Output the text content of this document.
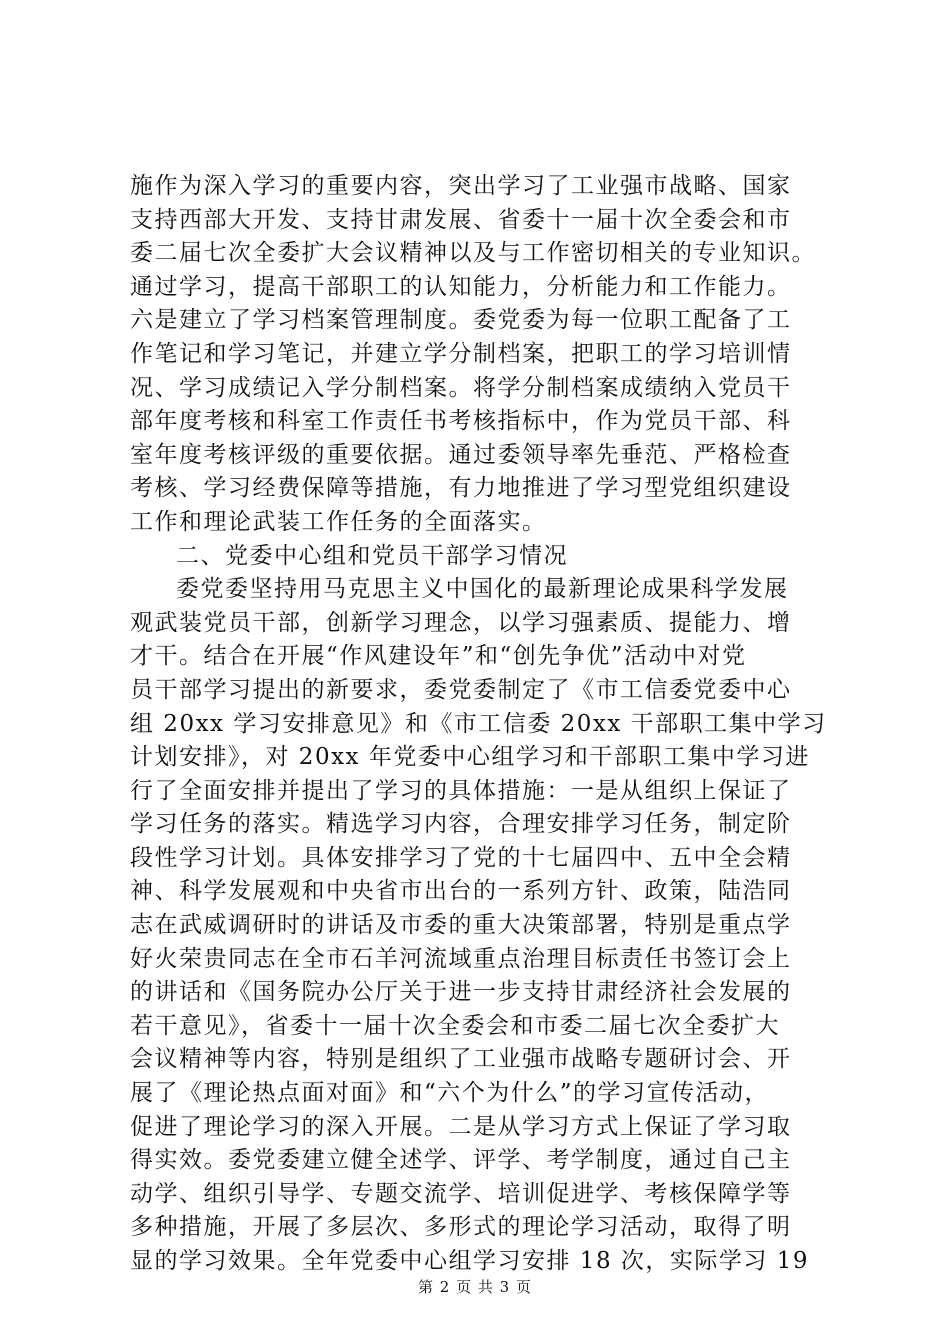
施作为深入学习的重要内容，突出学习了工业强市战略、国家
支持西部大开发、支持甘肃发展、省委十一届十次全委会和市
委二届七次全委扩大会议精神以及与工作密切相关的专业知识。
通过学习，提高干部职工的认知能力，分析能力和工作能力。
六是建立了学习档案管理制度。委党委为每一位职工配备了工
作笔记和学习笔记，并建立学分制档案，把职工的学习培训情
况、学习成绩记入学分制档案。将学分制档案成绩纳入党员干
部年度考核和科室工作责任书考核指标中，作为党员干部、科
室年度考核评级的重要依据。通过委领导率先垂范、严格检查
考核、学习经费保障等措施，有力地推进了学习型党组织建设
工作和理论武装工作任务的全面落实。
二、党委中心组和党员干部学习情况
委党委坚持用马克思主义中国化的最新理论成果科学发展
观武装党员干部，创新学习理念，以学习强素质、提能力、增
才干。结合在开展“作风建设年”和“创先争优”活动中对党
员干部学习提出的新要求，委党委制定了《市工信委党委中心
组 20xx 学习安排意见》和《市工信委 20xx 干部职工集中学习
计划安排》，对 20xx 年党委中心组学习和干部职工集中学习进
行了全面安排并提出了学习的具体措施：一是从组织上保证了
学习任务的落实。精选学习内容，合理安排学习任务，制定阶
段性学习计划。具体安排学习了党的十七届四中、五中全会精
神、科学发展观和中央省市出台的一系列方针、政策，陆浩同
志在武威调研时的讲话及市委的重大决策部署，特别是重点学
好火荣贵同志在全市石羊河流域重点治理目标责任书签订会上
的讲话和《国务院办公厅关于进一步支持甘肃经济社会发展的
若干意见》，省委十一届十次全委会和市委二届七次全委扩大
会议精神等内容，特别是组织了工业强市战略专题研讨会、开
展了《理论热点面对面》和“六个为什么”的学习宣传活动，
促进了理论学习的深入开展。二是从学习方式上保证了学习取
得实效。委党委建立健全述学、评学、考学制度，通过自己主
动学、组织引导学、专题交流学、培训促进学、考核保障学等
多种措施，开展了多层次、多形式的理论学习活动，取得了明
显的学习效果。全年党委中心组学习安排 18 次，实际学习 19
第 2 页 共 3 页
